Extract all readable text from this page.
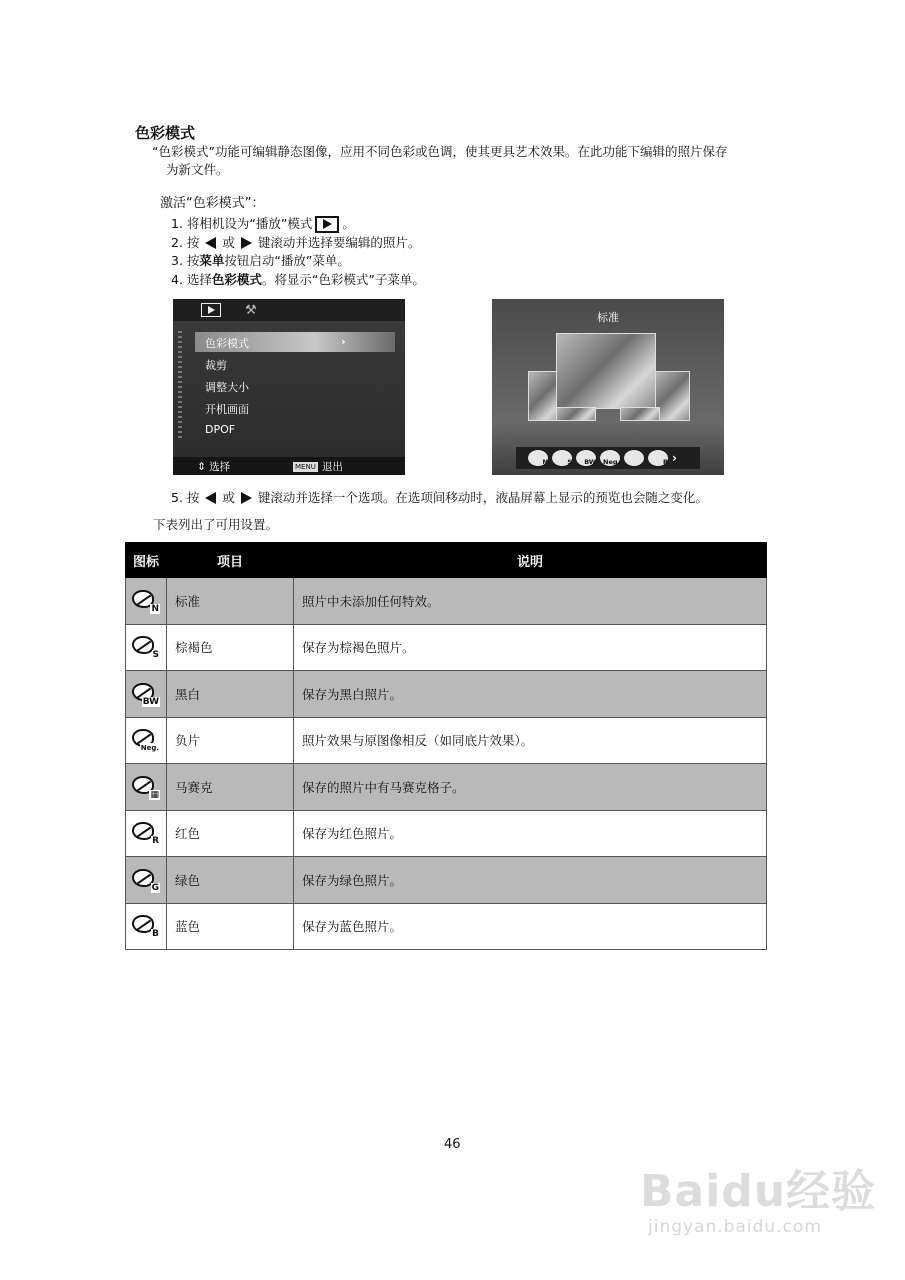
色彩模式
“色彩模式”功能可编辑静态图像，应用不同色彩或色调，使其更具艺术效果。在此功能下编辑的照片保存
为新文件。
激活“色彩模式”：
1. 将相机设为“播放”模式 。
2. 按 或 键滚动并选择要编辑的照片。
3. 按 菜单 按钮启动“播放”菜单。
4. 选择 色彩模式 。将显示“色彩模式”子菜单。
⚒
色彩模式	›
裁剪
调整大小
开机画面
DPOF
⇕ 选择	MENU 退出
标准
N	S	BW	Neg.	R ›
5. 按 或 键滚动并选择一个选项。在选项间移动时，液晶屏幕上显示的预览也会随之变化。
下表列出了可用设置。
图标	项目	说明

N	标准	照片中未添加任何特效。

S	棕褐色	保存为棕褐色照片。

BW	黑白	保存为黑白照片。

Neg.	负片	照片效果与原图像相反（如同底片效果）。

▦	马赛克	保存的照片中有马赛克格子。

R	红色	保存为红色照片。

G	绿色	保存为绿色照片。

B	蓝色	保存为蓝色照片。
46
Baidu经验
jingyan.baidu.com
